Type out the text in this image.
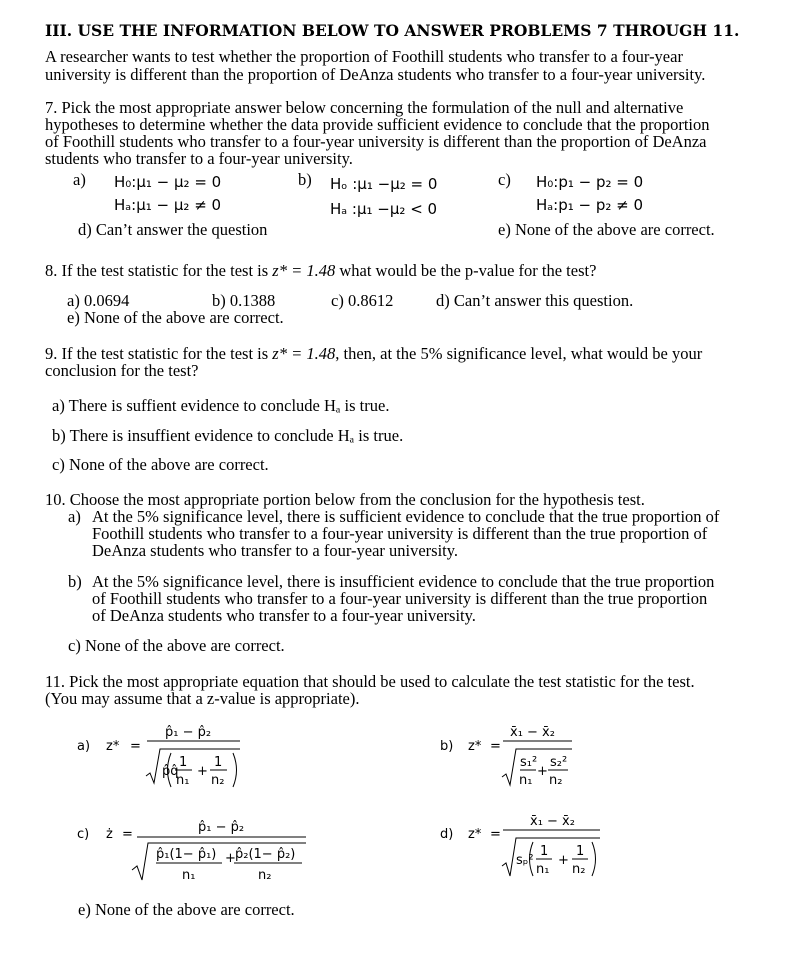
III. USE THE INFORMATION BELOW TO ANSWER PROBLEMS 7 THROUGH 11.
A researcher wants to test whether the proportion of Foothill students who transfer to a four-year
university is different than the proportion of DeAnza students who transfer to a four-year university.
7. Pick the most appropriate answer below concerning the formulation of the null and alternative
hypotheses to determine whether the data provide sufficient evidence to conclude that the proportion
of Foothill students who transfer to a four-year university is different than the proportion of DeAnza
students who transfer to a four-year university.
a) H₀:μ₁ − μ₂ = 0
Hₐ:μ₁ − μ₂ ≠ 0
b) Hₒ :μ₁ −μ₂ = 0
Hₐ :μ₁ −μ₂ < 0
c) H₀:p₁ − p₂ = 0
Hₐ:p₁ − p₂ ≠ 0
d) Can’t answer the question	e) None of the above are correct.
8. If the test statistic for the test is z* = 1.48 what would be the p-value for the test?
a) 0.0694	b) 0.1388	c) 0.8612	d) Can’t answer this question.
e) None of the above are correct.
9. If the test statistic for the test is z* = 1.48, then, at the 5% significance level, what would be your
conclusion for the test?
a) There is suffient evidence to conclude Hₐ is true.
b) There is insuffient evidence to conclude Hₐ is true.
c) None of the above are correct.
10. Choose the most appropriate portion below from the conclusion for the hypothesis test.
a) At the 5% significance level, there is sufficient evidence to conclude that the true proportion of
Foothill students who transfer to a four-year university is different than the true proportion of
DeAnza students who transfer to a four-year university.
b) At the 5% significance level, there is insufficient evidence to conclude that the true proportion
of Foothill students who transfer to a four-year university is different than the true proportion
of DeAnza students who transfer to a four-year university.
c) None of the above are correct.
11. Pick the most appropriate equation that should be used to calculate the test statistic for the test.
(You may assume that a z-value is appropriate).
a) z* =
p̂₁ − p̂₂
p̂q̂
1
n₁
+
1
n₂
b) z* =
x̄₁ − x̄₂
s₁²
+
s₂²
n₁ n₂
c) ż =	p̂₁ − p̂₂
p̂₁(1− p̂₁) + p̂₂(1− p̂₂)
n₁	n₂
d) z* =
x̄₁ − x̄₂
sₚ²
1
n₁
+
1
n₂
e) None of the above are correct.
